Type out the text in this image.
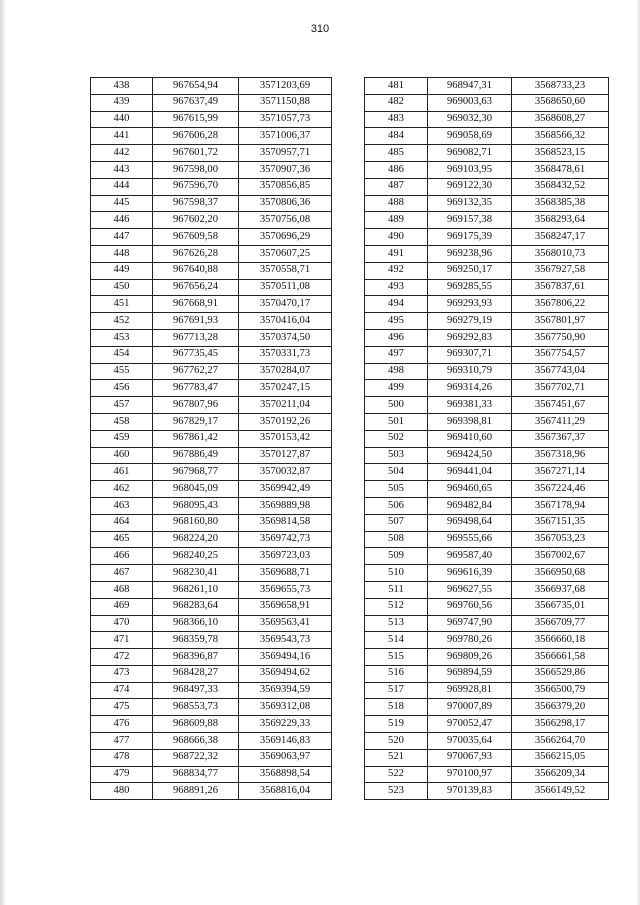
310
438	967654,94	3571203,69
439	967637,49	3571150,88
440	967615,99	3571057,73
441	967606,28	3571006,37
442	967601,72	3570957,71
443	967598,00	3570907,36
444	967596,70	3570856,85
445	967598,37	3570806,36
446	967602,20	3570756,08
447	967609,58	3570696,29
448	967626,28	3570607,25
449	967640,88	3570558,71
450	967656,24	3570511,08
451	967668,91	3570470,17
452	967691,93	3570416,04
453	967713,28	3570374,50
454	967735,45	3570331,73
455	967762,27	3570284,07
456	967783,47	3570247,15
457	967807,96	3570211,04
458	967829,17	3570192,26
459	967861,42	3570153,42
460	967886,49	3570127,87
461	967968,77	3570032,87
462	968045,09	3569942,49
463	968095,43	3569889,98
464	968160,80	3569814,58
465	968224,20	3569742,73
466	968240,25	3569723,03
467	968230,41	3569688,71
468	968261,10	3569655,73
469	968283,64	3569658,91
470	968366,10	3569563,41
471	968359,78	3569543,73
472	968396,87	3569494,16
473	968428,27	3569494,62
474	968497,33	3569394,59
475	968553,73	3569312,08
476	968609,88	3569229,33
477	968666,38	3569146,83
478	968722,32	3569063,97
479	968834,77	3568898,54
480	968891,26	3568816,04
481	968947,31	3568733,23
482	969003,63	3568650,60
483	969032,30	3568608,27
484	969058,69	3568566,32
485	969082,71	3568523,15
486	969103,95	3568478,61
487	969122,30	3568432,52
488	969132,35	3568385,38
489	969157,38	3568293,64
490	969175,39	3568247,17
491	969238,96	3568010,73
492	969250,17	3567927,58
493	969285,55	3567837,61
494	969293,93	3567806,22
495	969279,19	3567801,97
496	969292,83	3567750,90
497	969307,71	3567754,57
498	969310,79	3567743,04
499	969314,26	3567702,71
500	969381,33	3567451,67
501	969398,81	3567411,29
502	969410,60	3567367,37
503	969424,50	3567318,96
504	969441,04	3567271,14
505	969460,65	3567224,46
506	969482,84	3567178,94
507	969498,64	3567151,35
508	969555,66	3567053,23
509	969587,40	3567002,67
510	969616,39	3566950,68
511	969627,55	3566937,68
512	969760,56	3566735,01
513	969747,90	3566709,77
514	969780,26	3566660,18
515	969809,26	3566661,58
516	969894,59	3566529,86
517	969928,81	3566500,79
518	970007,89	3566379,20
519	970052,47	3566298,17
520	970035,64	3566264,70
521	970067,93	3566215,05
522	970100,97	3566209,34
523	970139,83	3566149,52
